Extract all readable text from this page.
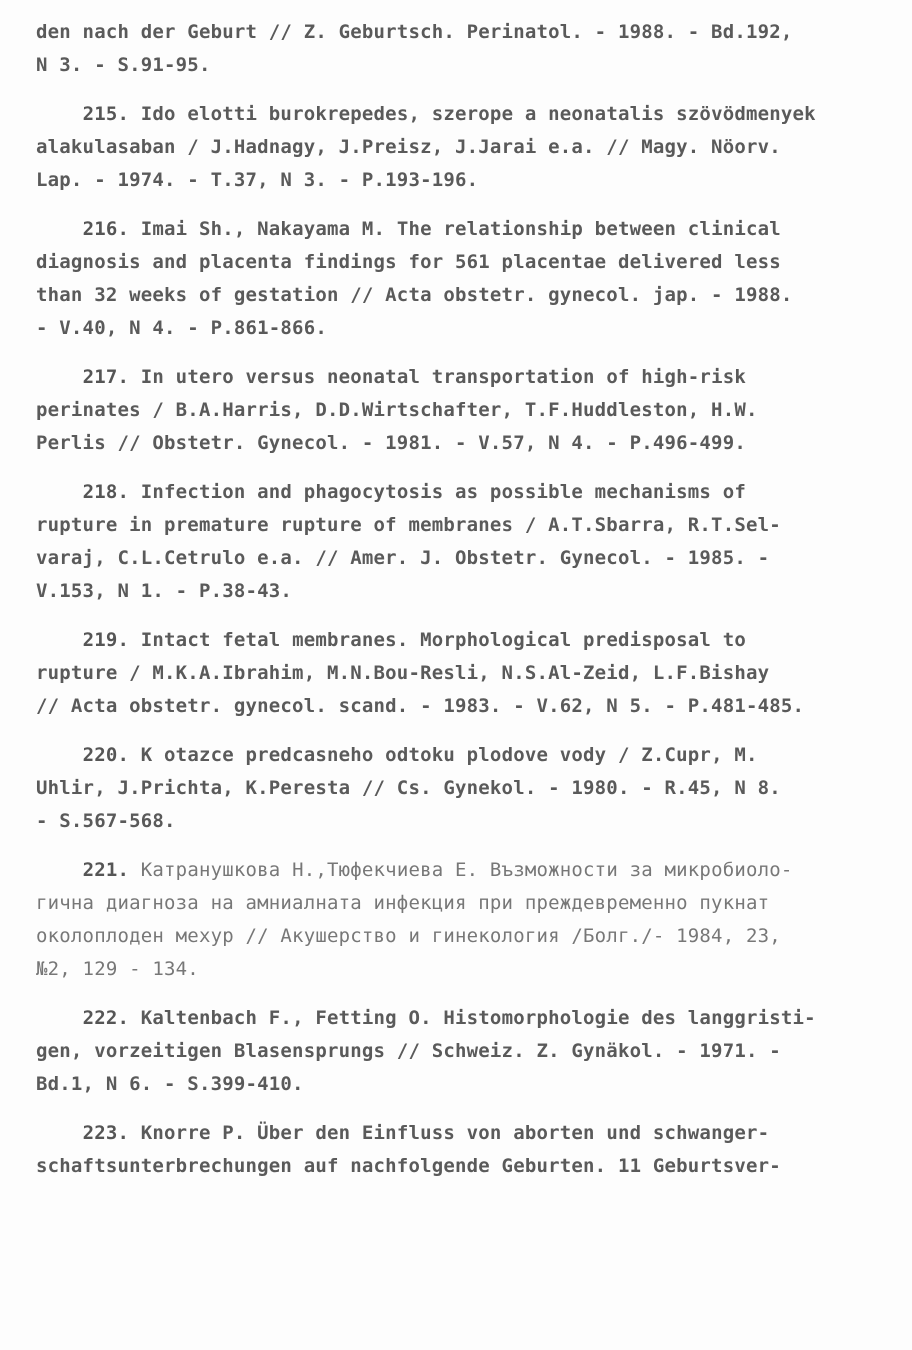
den nach der Geburt // Z. Geburtsch. Perinatol. - 1988. - Bd.192,
N 3. - S.91-95.
215. Ido elotti burokrepedes, szerope a neonatalis szövödmenyek
alakulasaban / J.Hadnagy, J.Preisz, J.Jarai e.a. // Magy. Nöorv.
Lap. - 1974. - T.37, N 3. - P.193-196.
216. Imai Sh., Nakayama M. The relationship between clinical
diagnosis and placenta findings for 561 placentae delivered less
than 32 weeks of gestation // Acta obstetr. gynecol. jap. - 1988.
- V.40, N 4. - P.861-866.
217. In utero versus neonatal transportation of high-risk
perinates / B.A.Harris, D.D.Wirtschafter, T.F.Huddleston, H.W.
Perlis // Obstetr. Gynecol. - 1981. - V.57, N 4. - P.496-499.
218. Infection and phagocytosis as possible mechanisms of
rupture in premature rupture of membranes / A.T.Sbarra, R.T.Sel-
varaj, C.L.Cetrulo e.a. // Amer. J. Obstetr. Gynecol. - 1985. -
V.153, N 1. - P.38-43.
219. Intact fetal membranes. Morphological predisposal to
rupture / M.K.A.Ibrahim, M.N.Bou-Resli, N.S.Al-Zeid, L.F.Bishay
// Acta obstetr. gynecol. scand. - 1983. - V.62, N 5. - P.481-485.
220. K otazce predcasneho odtoku plodove vody / Z.Cupr, M.
Uhlir, J.Prichta, K.Peresta // Cs. Gynekol. - 1980. - R.45, N 8.
- S.567-568.
221. Катранушкова Н.,Тюфекчиева Е. Възможности за микробиоло-
гична диагноза на амниалната инфекция при преждевременно пукнат
околоплоден мехур // Акушерство и гинекология /Болг./- 1984, 23,
№2, 129 - 134.
222. Kaltenbach F., Fetting O. Histomorphologie des langgristi-
gen, vorzeitigen Blasensprungs // Schweiz. Z. Gynäkol. - 1971. -
Bd.1, N 6. - S.399-410.
223. Knorre P. Über den Einfluss von aborten und schwanger-
schaftsunterbrechungen auf nachfolgende Geburten. 11 Geburtsver-
